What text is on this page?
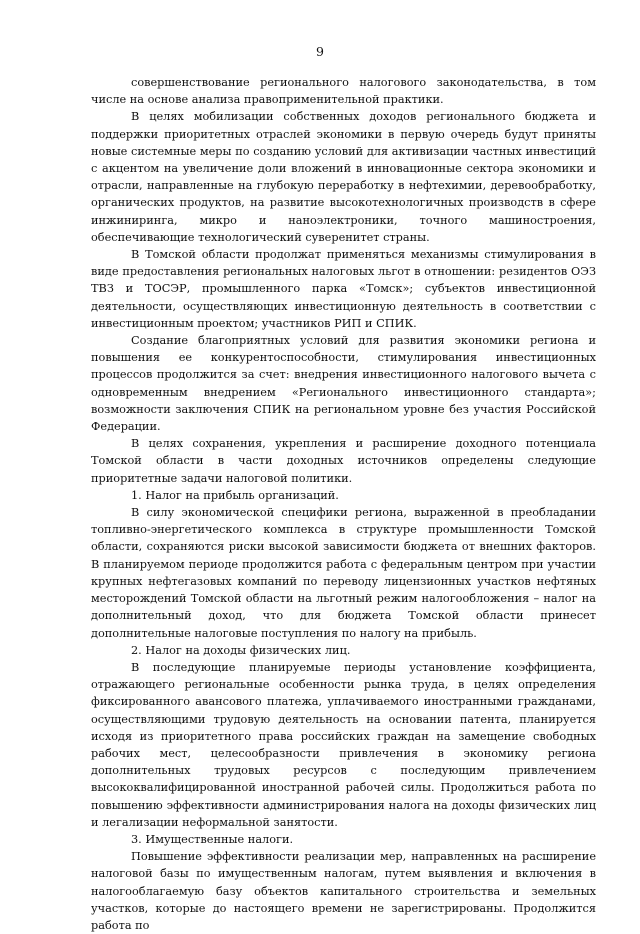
9

совершенствование регионального налогового законодательства, в том числе на основе анализа правоприменительной практики.

В целях мобилизации собственных доходов регионального бюджета и поддержки приоритетных отраслей экономики в первую очередь будут приняты новые системные меры по созданию условий для активизации частных инвестиций с акцентом на увеличение доли вложений в инновационные сектора экономики и отрасли, направленные на глубокую переработку в нефтехимии, деревообработку, органических продуктов, на развитие высокотехнологичных производств в сфере инжиниринга, микро и наноэлектроники, точного машиностроения, обеспечивающие технологический суверенитет страны.

В Томской области продолжат применяться механизмы стимулирования в виде предоставления региональных налоговых льгот в отношении: резидентов ОЭЗ ТВЗ и ТОСЭР, промышленного парка «Томск»; субъектов инвестиционной деятельности, осуществляющих инвестиционную деятельность в соответствии с инвестиционным проектом; участников РИП и СПИК.

Создание благоприятных условий для развития экономики региона и повышения ее конкурентоспособности, стимулирования инвестиционных процессов продолжится за счет: внедрения инвестиционного налогового вычета с одновременным внедрением «Регионального инвестиционного стандарта»; возможности заключения СПИК на региональном уровне без участия Российской Федерации.

В целях сохранения, укрепления и расширение доходного потенциала Томской области в части доходных источников определены следующие приоритетные задачи налоговой политики.

1. Налог на прибыль организаций.

В силу экономической специфики региона, выраженной в преобладании топливно-энергетического комплекса в структуре промышленности Томской области, сохраняются риски высокой зависимости бюджета от внешних факторов. В планируемом периоде продолжится работа с федеральным центром при участии крупных нефтегазовых компаний по переводу лицензионных участков нефтяных месторождений Томской области на льготный режим налогообложения – налог на дополнительный доход, что для бюджета Томской области принесет дополнительные налоговые поступления по налогу на прибыль.

2. Налог на доходы физических лиц.

В последующие планируемые периоды установление коэффициента, отражающего региональные особенности рынка труда, в целях определения фиксированного авансового платежа, уплачиваемого иностранными гражданами, осуществляющими трудовую деятельность на основании патента, планируется исходя из приоритетного права российских граждан на замещение свободных рабочих мест, целесообразности привлечения в экономику региона дополнительных трудовых ресурсов с последующим привлечением высококвалифицированной иностранной рабочей силы. Продолжиться работа по повышению эффективности администрирования налога на доходы физических лиц и легализации неформальной занятости.

3. Имущественные налоги.

Повышение эффективности реализации мер, направленных на расширение налоговой базы по имущественным налогам, путем выявления и включения в налогооблагаемую базу объектов капитального строительства и земельных участков, которые до настоящего времени не зарегистрированы. Продолжится работа по
